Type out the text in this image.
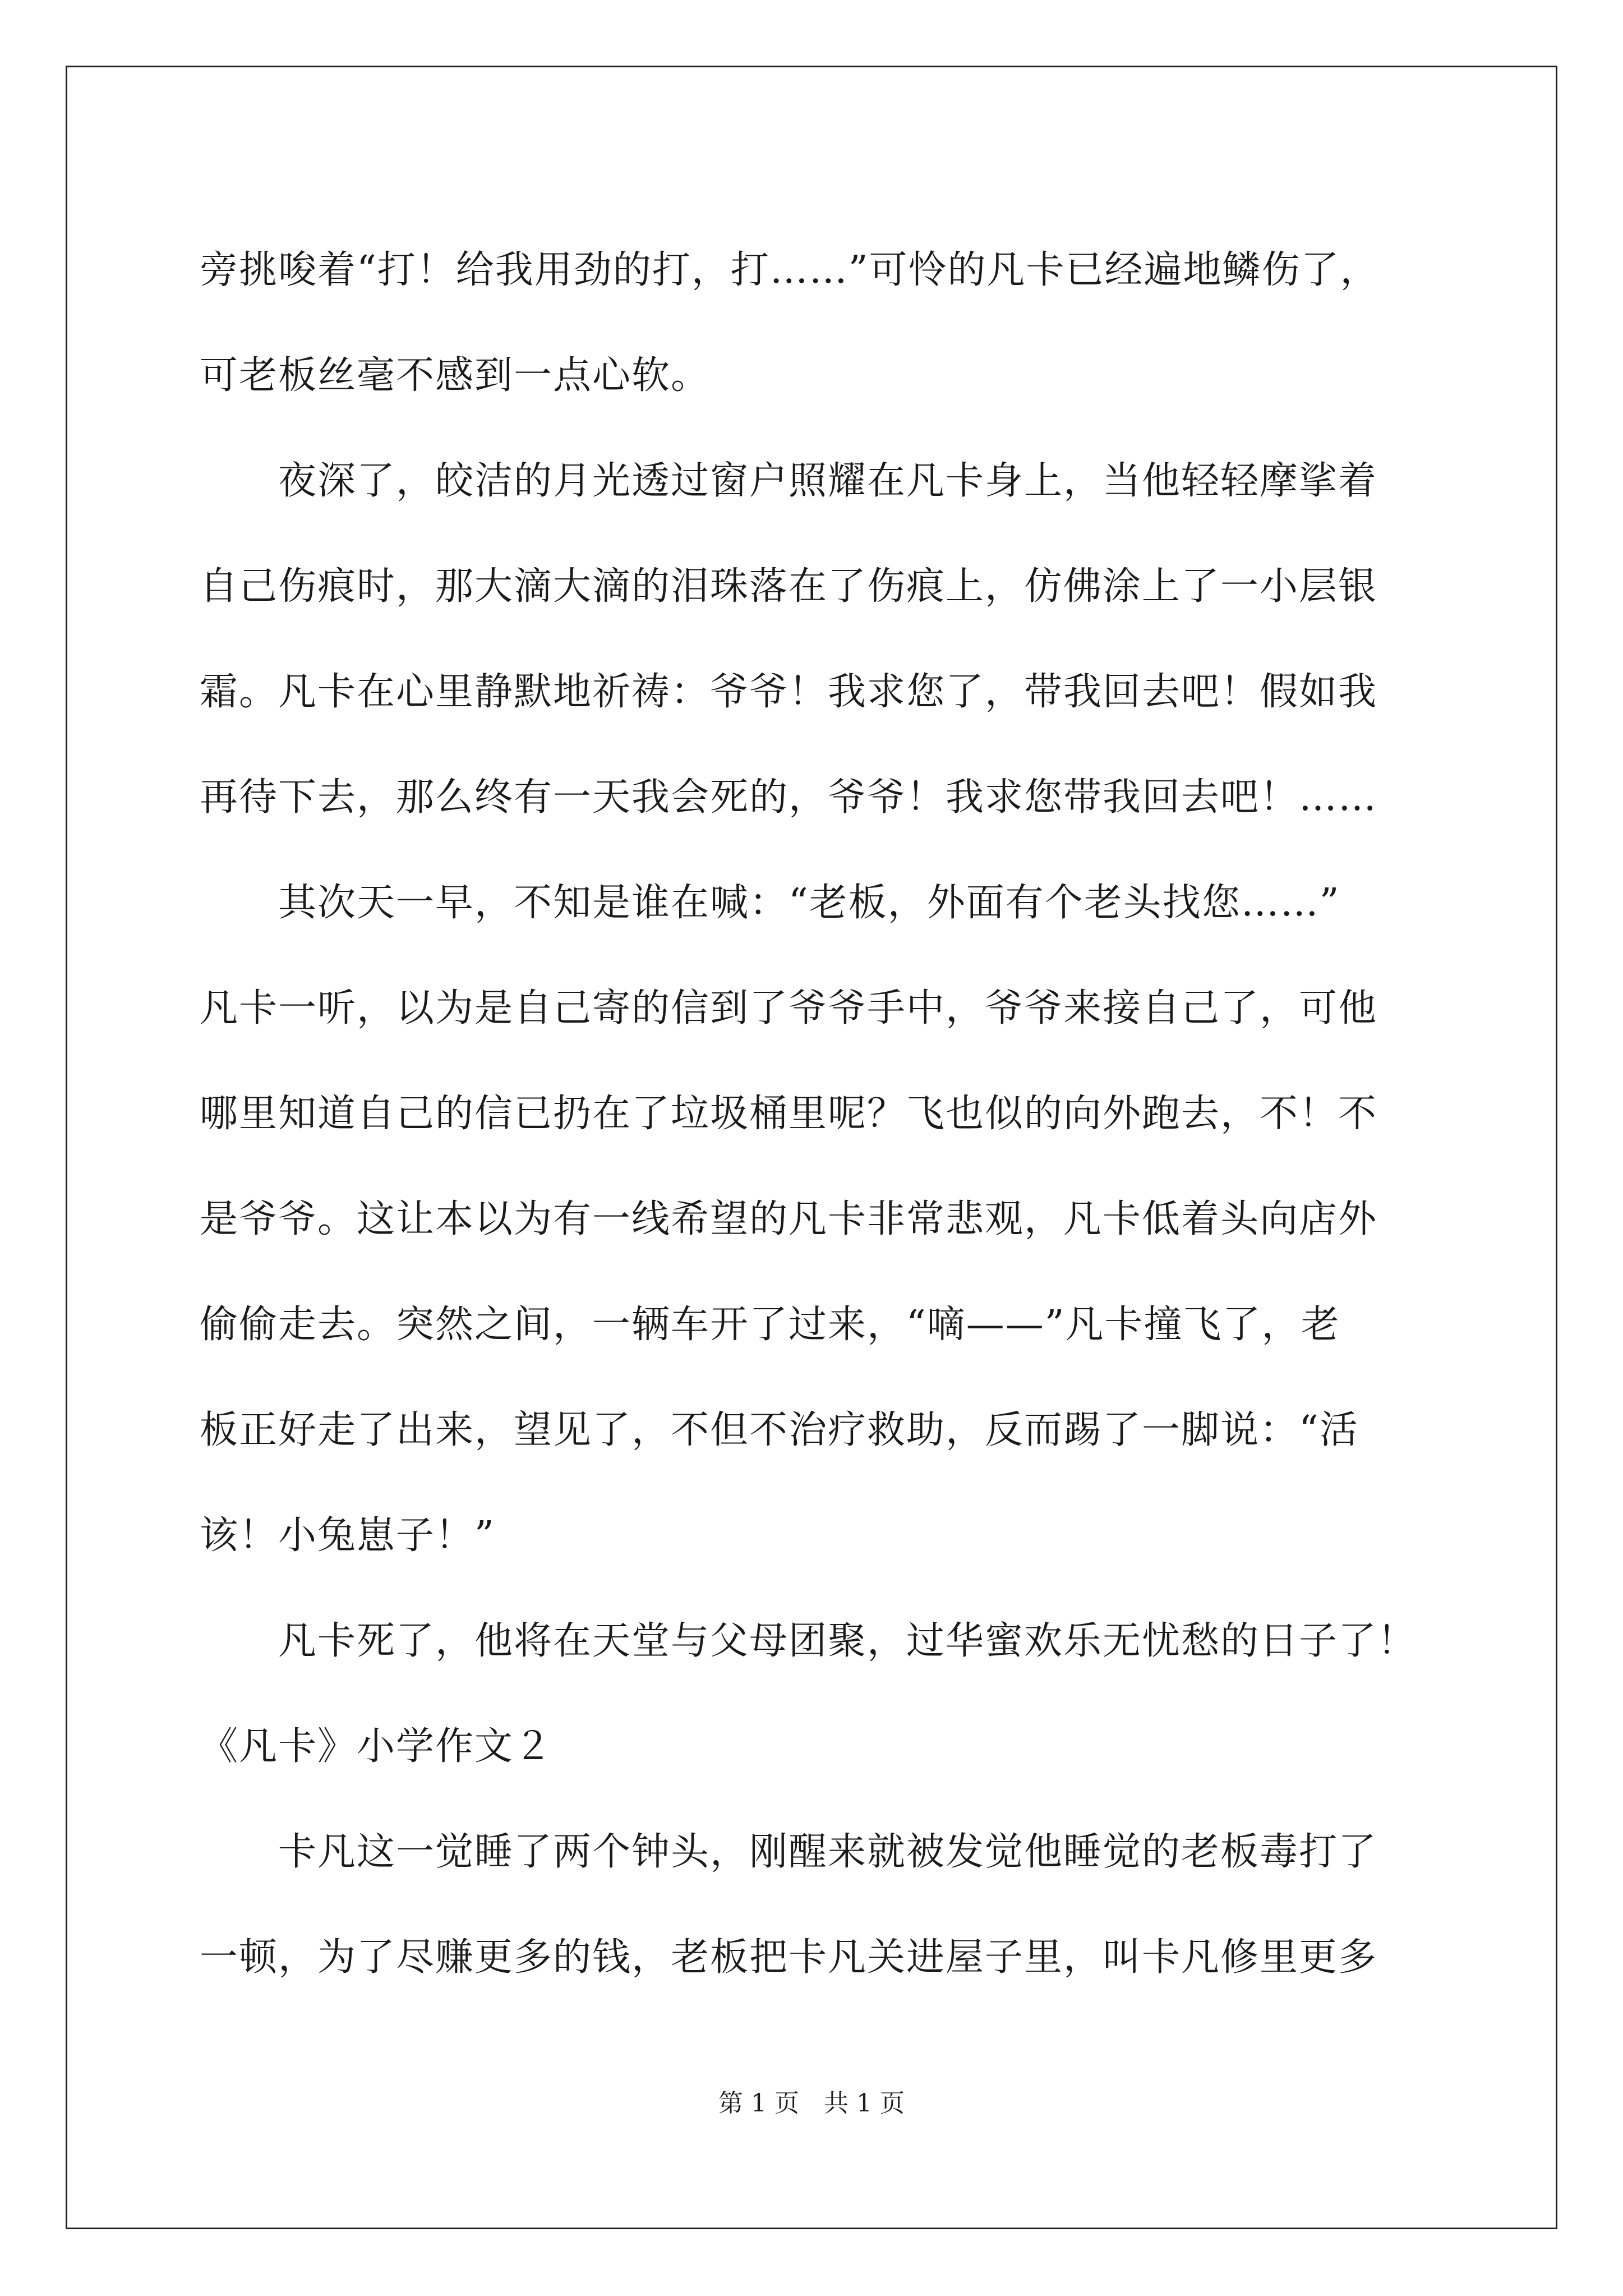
旁挑唆着“打！给我用劲的打，打……”可怜的凡卡已经遍地鳞伤了，
可老板丝毫不感到一点心软。
夜深了，皎洁的月光透过窗户照耀在凡卡身上，当他轻轻摩挲着
自己伤痕时，那大滴大滴的泪珠落在了伤痕上，仿佛涂上了一小层银
霜。凡卡在心里静默地祈祷：爷爷！我求您了，带我回去吧！假如我
再待下去，那么终有一天我会死的，爷爷！我求您带我回去吧！……
其次天一早，不知是谁在喊：“老板，外面有个老头找您……”
凡卡一听，以为是自己寄的信到了爷爷手中，爷爷来接自己了，可他
哪里知道自己的信已扔在了垃圾桶里呢？飞也似的向外跑去，不！不
是爷爷。这让本以为有一线希望的凡卡非常悲观，凡卡低着头向店外
偷偷走去。突然之间，一辆车开了过来，“嘀——”凡卡撞飞了，老
板正好走了出来，望见了，不但不治疗救助，反而踢了一脚说：“活
该！小兔崽子！”
凡卡死了，他将在天堂与父母团聚，过华蜜欢乐无忧愁的日子了！
《凡卡》小学作文２
卡凡这一觉睡了两个钟头，刚醒来就被发觉他睡觉的老板毒打了
一顿，为了尽赚更多的钱，老板把卡凡关进屋子里，叫卡凡修里更多
第 1 页　共 1 页
